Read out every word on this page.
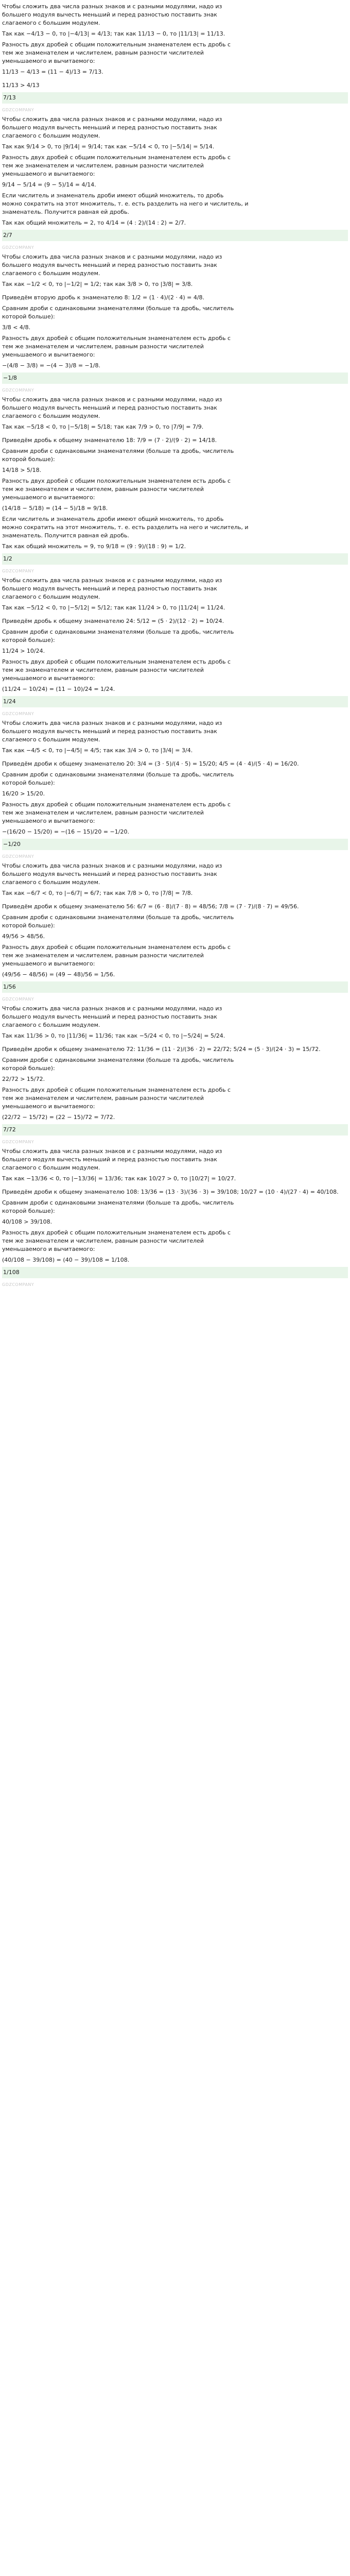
Чтобы сложить два числа разных знаков и с разными модулями, надо из

большего модуля вычесть меньший и перед разностью поставить знак

слагаемого с большим модулем.

Так как −4/13 − 0, то |−4/13| = 4/13; так как 11/13 − 0, то |11/13| = 11/13.

Разность двух дробей с общим положительным знаменателем есть дробь с

тем же знаменателем и числителем, равным разности числителей

уменьшаемого и вычитаемого:

11/13 − 4/13 = (11 − 4)/13 = 7/13.

11/13 > 4/13

7/13
GDZCOMPANY

Чтобы сложить два числа разных знаков и с разными модулями, надо из

большего модуля вычесть меньший и перед разностью поставить знак

слагаемого с большим модулем.

Так как 9/14 > 0, то |9/14| = 9/14; так как −5/14 < 0, то |−5/14| = 5/14.

Разность двух дробей с общим положительным знаменателем есть дробь с

тем же знаменателем и числителем, равным разности числителей

уменьшаемого и вычитаемого:

9/14 − 5/14 = (9 − 5)/14 = 4/14.

Если числитель и знаменатель дроби имеют общий множитель, то дробь

можно сократить на этот множитель, т. е. есть разделить на него и числитель, и

знаменатель. Получится равная ей дробь.

Так как общий множитель = 2, то 4/14 = (4 : 2)/(14 : 2) = 2/7.

2/7
GDZCOMPANY

Чтобы сложить два числа разных знаков и с разными модулями, надо из

большего модуля вычесть меньший и перед разностью поставить знак

слагаемого с большим модулем.

Так как −1/2 < 0, то |−1/2| = 1/2; так как 3/8 > 0, то |3/8| = 3/8.

Приведём вторую дробь к знаменателю 8: 1/2 = (1 · 4)/(2 · 4) = 4/8.

Сравним дроби с одинаковыми знаменателями (больше та дробь, числитель

которой больше):

3/8 < 4/8.

Разность двух дробей с общим положительным знаменателем есть дробь с

тем же знаменателем и числителем, равным разности числителей

уменьшаемого и вычитаемого:

−(4/8 − 3/8) = −(4 − 3)/8 = −1/8.

−1/8
GDZCOMPANY

Чтобы сложить два числа разных знаков и с разными модулями, надо из

большего модуля вычесть меньший и перед разностью поставить знак

слагаемого с большим модулем.

Так как −5/18 < 0, то |−5/18| = 5/18; так как 7/9 > 0, то |7/9| = 7/9.

Приведём дробь к общему знаменателю 18: 7/9 = (7 · 2)/(9 · 2) = 14/18.

Сравним дроби с одинаковыми знаменателями (больше та дробь, числитель

которой больше):

14/18 > 5/18.

Разность двух дробей с общим положительным знаменателем есть дробь с

тем же знаменателем и числителем, равным разности числителей

уменьшаемого и вычитаемого:

(14/18 − 5/18) = (14 − 5)/18 = 9/18.

Если числитель и знаменатель дроби имеют общий множитель, то дробь

можно сократить на этот множитель, т. е. есть разделить на него и числитель, и

знаменатель. Получится равная ей дробь.

Так как общий множитель = 9, то 9/18 = (9 : 9)/(18 : 9) = 1/2.

1/2
GDZCOMPANY

Чтобы сложить два числа разных знаков и с разными модулями, надо из

большего модуля вычесть меньший и перед разностью поставить знак

слагаемого с большим модулем.

Так как −5/12 < 0, то |−5/12| = 5/12; так как 11/24 > 0, то |11/24| = 11/24.

Приведём дробь к общему знаменателю 24: 5/12 = (5 · 2)/(12 · 2) = 10/24.

Сравним дроби с одинаковыми знаменателями (больше та дробь, числитель

которой больше):

11/24 > 10/24.

Разность двух дробей с общим положительным знаменателем есть дробь с

тем же знаменателем и числителем, равным разности числителей

уменьшаемого и вычитаемого:

(11/24 − 10/24) = (11 − 10)/24 = 1/24.

1/24
GDZCOMPANY

Чтобы сложить два числа разных знаков и с разными модулями, надо из

большего модуля вычесть меньший и перед разностью поставить знак

слагаемого с большим модулем.

Так как −4/5 < 0, то |−4/5| = 4/5; так как 3/4 > 0, то |3/4| = 3/4.

Приведём дроби к общему знаменателю 20: 3/4 = (3 · 5)/(4 · 5) = 15/20; 4/5 = (4 · 4)/(5 · 4) = 16/20.

Сравним дроби с одинаковыми знаменателями (больше та дробь, числитель

которой больше):

16/20 > 15/20.

Разность двух дробей с общим положительным знаменателем есть дробь с

тем же знаменателем и числителем, равным разности числителей

уменьшаемого и вычитаемого:

−(16/20 − 15/20) = −(16 − 15)/20 = −1/20.

−1/20
GDZCOMPANY

Чтобы сложить два числа разных знаков и с разными модулями, надо из

большего модуля вычесть меньший и перед разностью поставить знак

слагаемого с большим модулем.

Так как −6/7 < 0, то |−6/7| = 6/7; так как 7/8 > 0, то |7/8| = 7/8.

Приведём дроби к общему знаменателю 56: 6/7 = (6 · 8)/(7 · 8) = 48/56; 7/8 = (7 · 7)/(8 · 7) = 49/56.

Сравним дроби с одинаковыми знаменателями (больше та дробь, числитель

которой больше):

49/56 > 48/56.

Разность двух дробей с общим положительным знаменателем есть дробь с

тем же знаменателем и числителем, равным разности числителей

уменьшаемого и вычитаемого:

(49/56 − 48/56) = (49 − 48)/56 = 1/56.

1/56
GDZCOMPANY

Чтобы сложить два числа разных знаков и с разными модулями, надо из

большего модуля вычесть меньший и перед разностью поставить знак

слагаемого с большим модулем.

Так как 11/36 > 0, то |11/36| = 11/36; так как −5/24 < 0, то |−5/24| = 5/24.

Приведём дроби к общему знаменателю 72: 11/36 = (11 · 2)/(36 · 2) = 22/72; 5/24 = (5 · 3)/(24 · 3) = 15/72.

Сравним дроби с одинаковыми знаменателями (больше та дробь, числитель

которой больше):

22/72 > 15/72.

Разность двух дробей с общим положительным знаменателем есть дробь с

тем же знаменателем и числителем, равным разности числителей

уменьшаемого и вычитаемого:

(22/72 − 15/72) = (22 − 15)/72 = 7/72.

7/72
GDZCOMPANY

Чтобы сложить два числа разных знаков и с разными модулями, надо из

большего модуля вычесть меньший и перед разностью поставить знак

слагаемого с большим модулем.

Так как −13/36 < 0, то |−13/36| = 13/36; так как 10/27 > 0, то |10/27| = 10/27.

Приведём дроби к общему знаменателю 108: 13/36 = (13 · 3)/(36 · 3) = 39/108; 10/27 = (10 · 4)/(27 · 4) = 40/108.

Сравним дроби с одинаковыми знаменателями (больше та дробь, числитель

которой больше):

40/108 > 39/108.

Разность двух дробей с общим положительным знаменателем есть дробь с

тем же знаменателем и числителем, равным разности числителей

уменьшаемого и вычитаемого:

(40/108 − 39/108) = (40 − 39)/108 = 1/108.

1/108
GDZCOMPANY
